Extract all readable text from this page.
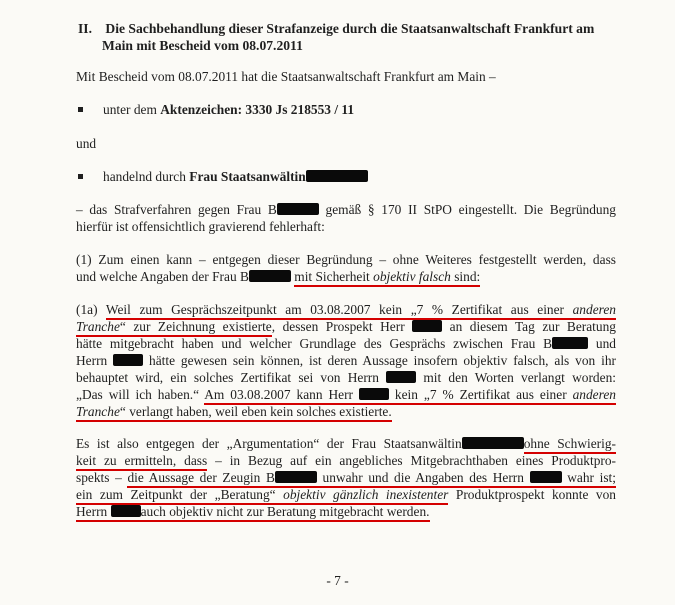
II. Die Sachbehandlung dieser Strafanzeige durch die Staatsanwaltschaft Frankfurt am
Main mit Bescheid vom 08.07.2011
Mit Bescheid vom 08.07.2011 hat die Staatsanwaltschaft Frankfurt am Main –
unter dem Aktenzeichen: 3330 Js 218553 / 11
und
handelnd durch Frau Staatsanwältin
– das Strafverfahren gegen Frau B	gemäß § 170 II StPO eingestellt. Die Begründung
hierfür ist offensichtlich gravierend fehlerhaft:
(1) Zum einen kann – entgegen dieser Begründung – ohne Weiteres festgestellt werden, dass
und welche Angaben der Frau B	mit Sicherheit objektiv falsch sind:
(1a) Weil zum Gesprächszeitpunkt am 03.08.2007 kein „7 % Zertifikat aus einer anderen
Tranche“ zur Zeichnung existierte, dessen Prospekt Herr  an diesem Tag zur Beratung
hätte mitgebracht haben und welcher Grundlage des Gesprächs zwischen Frau B	und
Herrn  hätte gewesen sein können, ist deren Aussage insofern objektiv falsch, als von ihr
behauptet wird, ein solches Zertifikat sei von Herrn  mit den Worten verlangt worden:
„Das will ich haben.“ Am 03.08.2007 kann Herr  kein „7 % Zertifikat aus einer anderen
Tranche“ verlangt haben, weil eben kein solches existierte.
Es ist also entgegen der „Argumentation“ der Frau Staatsanwältin	ohne Schwierig-
keit zu ermitteln, dass – in Bezug auf ein angebliches Mitgebrachthaben eines Produktpro-
spekts – die Aussage der Zeugin B	unwahr und die Angaben des Herrn  wahr ist;
ein zum Zeitpunkt der „Beratung“ objektiv gänzlich inexistenter Produktprospekt konnte von
Herrn auch objektiv nicht zur Beratung mitgebracht werden.
- 7 -
